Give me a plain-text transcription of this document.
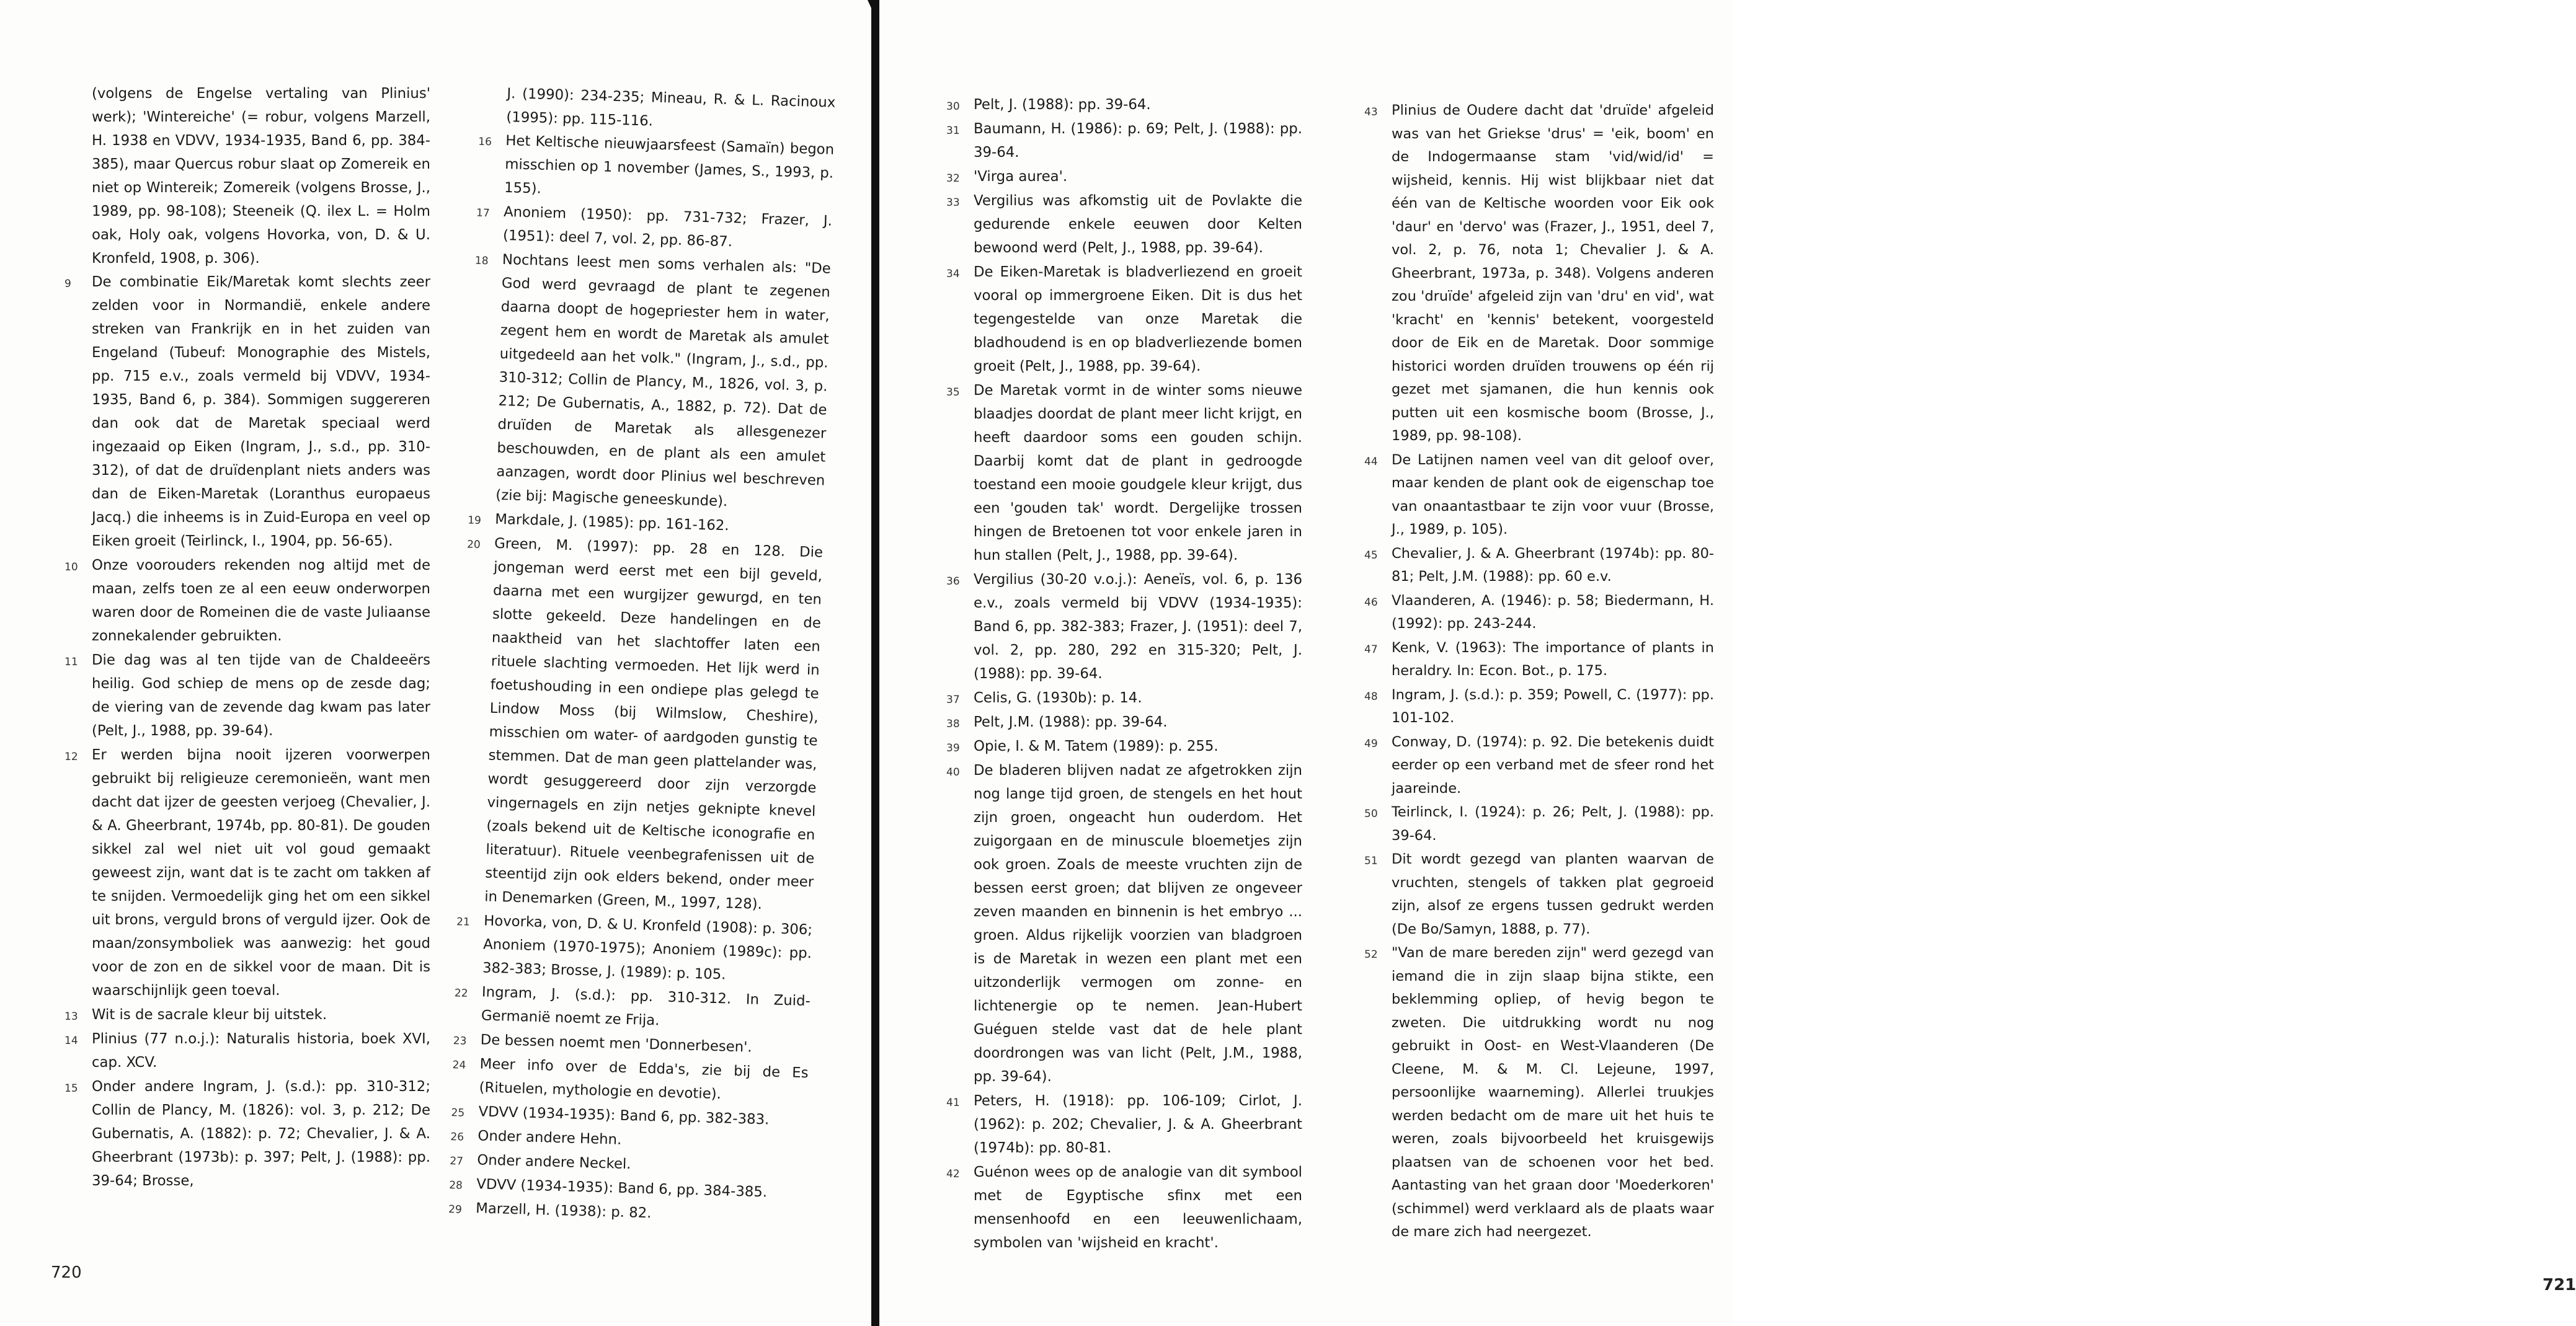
(volgens de Engelse vertaling van Plinius' werk); 'Wintereiche' (= robur, volgens Marzell, H. 1938 en VDVV, 1934-1935, Band 6, pp. 384-385), maar Quercus robur slaat op Zomereik en niet op Wintereik; Zomereik (volgens Brosse, J., 1989, pp. 98-108); Steeneik (Q. ilex L. = Holm oak, Holy oak, volgens Hovorka, von, D. & U. Kronfeld, 1908, p. 306).
9	De combinatie Eik/Maretak komt slechts zeer zelden voor in Normandië, enkele andere streken van Frankrijk en in het zuiden van Engeland (Tubeuf: Monographie des Mistels, pp. 715 e.v., zoals vermeld bij VDVV, 1934-1935, Band 6, p. 384). Sommigen suggereren dan ook dat de Maretak speciaal werd ingezaaid op Eiken (Ingram, J., s.d., pp. 310-312), of dat de druïdenplant niets anders was dan de Eiken-Maretak (Loranthus europaeus Jacq.) die inheems is in Zuid-Europa en veel op Eiken groeit (Teirlinck, I., 1904, pp. 56-65).
10 Onze voorouders rekenden nog altijd met de maan, zelfs toen ze al een eeuw onderworpen waren door de Romeinen die de vaste Juliaanse zonnekalender gebruikten.
11 Die dag was al ten tijde van de Chaldeeërs heilig. God schiep de mens op de zesde dag; de viering van de zevende dag kwam pas later (Pelt, J., 1988, pp. 39-64).
12 Er werden bijna nooit ijzeren voorwerpen gebruikt bij religieuze ceremonieën, want men dacht dat ijzer de geesten verjoeg (Chevalier, J. & A. Gheerbrant, 1974b, pp. 80-81). De gouden sikkel zal wel niet uit vol goud gemaakt geweest zijn, want dat is te zacht om takken af te snijden. Vermoedelijk ging het om een sikkel uit brons, verguld brons of verguld ijzer. Ook de maan/zonsymboliek was aanwezig: het goud voor de zon en de sikkel voor de maan. Dit is waarschijnlijk geen toeval.
13 Wit is de sacrale kleur bij uitstek.
14 Plinius (77 n.o.j.): Naturalis historia, boek XVI, cap. XCV.
15 Onder andere Ingram, J. (s.d.): pp. 310-312; Collin de Plancy, M. (1826): vol. 3, p. 212; De Gubernatis, A. (1882): p. 72; Chevalier, J. & A. Gheerbrant (1973b): p. 397; Pelt, J. (1988): pp. 39-64; Brosse,
J. (1990): 234-235; Mineau, R. & L. Racinoux (1995): pp. 115-116.
16 Het Keltische nieuwjaarsfeest (Samaïn) begon misschien op 1 november (James, S., 1993, p. 155).
17 Anoniem (1950): pp. 731-732; Frazer, J. (1951): deel 7, vol. 2, pp. 86-87.
18 Nochtans leest men soms verhalen als: "De God werd gevraagd de plant te zegenen daarna doopt de hogepriester hem in water, zegent hem en wordt de Maretak als amulet uitgedeeld aan het volk." (Ingram, J., s.d., pp. 310-312; Collin de Plancy, M., 1826, vol. 3, p. 212; De Gubernatis, A., 1882, p. 72). Dat de druïden de Maretak als allesgenezer beschouwden, en de plant als een amulet aanzagen, wordt door Plinius wel beschreven (zie bij: Magische geneeskunde).
19 Markdale, J. (1985): pp. 161-162.
20 Green, M. (1997): pp. 28 en 128. Die jongeman werd eerst met een bijl geveld, daarna met een wurgijzer gewurgd, en ten slotte gekeeld. Deze handelingen en de naaktheid van het slachtoffer laten een rituele slachting vermoeden. Het lijk werd in foetushouding in een ondiepe plas gelegd te Lindow Moss (bij Wilmslow, Cheshire), misschien om water- of aardgoden gunstig te stemmen. Dat de man geen plattelander was, wordt gesuggereerd door zijn verzorgde vingernagels en zijn netjes geknipte knevel (zoals bekend uit de Keltische iconografie en literatuur). Rituele veenbegrafenissen uit de steentijd zijn ook elders bekend, onder meer in Denemarken (Green, M., 1997, 128).
21 Hovorka, von, D. & U. Kronfeld (1908): p. 306; Anoniem (1970-1975); Anoniem (1989c): pp. 382-383; Brosse, J. (1989): p. 105.
22 Ingram, J. (s.d.): pp. 310-312. In Zuid-Germanië noemt ze Frija.
23 De bessen noemt men 'Donnerbesen'.
24 Meer info over de Edda's, zie bij de Es (Rituelen, mythologie en devotie).
25 VDVV (1934-1935): Band 6, pp. 382-383.
26 Onder andere Hehn.
27 Onder andere Neckel.
28 VDVV (1934-1935): Band 6, pp. 384-385.
29 Marzell, H. (1938): p. 82.
720
30 Pelt, J. (1988): pp. 39-64.
31 Baumann, H. (1986): p. 69; Pelt, J. (1988): pp. 39-64.
32 'Virga aurea'.
33 Vergilius was afkomstig uit de Povlakte die gedurende enkele eeuwen door Kelten bewoond werd (Pelt, J., 1988, pp. 39-64).
34 De Eiken-Maretak is bladverliezend en groeit vooral op immergroene Eiken. Dit is dus het tegengestelde van onze Maretak die bladhoudend is en op bladverliezende bomen groeit (Pelt, J., 1988, pp. 39-64).
35 De Maretak vormt in de winter soms nieuwe blaadjes doordat de plant meer licht krijgt, en heeft daardoor soms een gouden schijn. Daarbij komt dat de plant in gedroogde toestand een mooie goudgele kleur krijgt, dus een 'gouden tak' wordt. Dergelijke trossen hingen de Bretoenen tot voor enkele jaren in hun stallen (Pelt, J., 1988, pp. 39-64).
36 Vergilius (30-20 v.o.j.): Aeneïs, vol. 6, p. 136 e.v., zoals vermeld bij VDVV (1934-1935): Band 6, pp. 382-383; Frazer, J. (1951): deel 7, vol. 2, pp. 280, 292 en 315-320; Pelt, J. (1988): pp. 39-64.
37 Celis, G. (1930b): p. 14.
38 Pelt, J.M. (1988): pp. 39-64.
39 Opie, I. & M. Tatem (1989): p. 255.
40 De bladeren blijven nadat ze afgetrokken zijn nog lange tijd groen, de stengels en het hout zijn groen, ongeacht hun ouderdom. Het zuigorgaan en de minuscule bloemetjes zijn ook groen. Zoals de meeste vruchten zijn de bessen eerst groen; dat blijven ze ongeveer zeven maanden en binnenin is het embryo ... groen. Aldus rijkelijk voorzien van bladgroen is de Maretak in wezen een plant met een uitzonderlijk vermogen om zonne- en lichtenergie op te nemen. Jean-Hubert Guéguen stelde vast dat de hele plant doordrongen was van licht (Pelt, J.M., 1988, pp. 39-64).
41 Peters, H. (1918): pp. 106-109; Cirlot, J. (1962): p. 202; Chevalier, J. & A. Gheerbrant (1974b): pp. 80-81.
42 Guénon wees op de analogie van dit symbool met de Egyptische sfinx met een mensenhoofd en een leeuwenlichaam, symbolen van 'wijsheid en kracht'.
43 Plinius de Oudere dacht dat 'druïde' afgeleid was van het Griekse 'drus' = 'eik, boom' en de Indogermaanse stam 'vid/wid/id' = wijsheid, kennis. Hij wist blijkbaar niet dat één van de Keltische woorden voor Eik ook 'daur' en 'dervo' was (Frazer, J., 1951, deel 7, vol. 2, p. 76, nota 1; Chevalier J. & A. Gheerbrant, 1973a, p. 348). Volgens anderen zou 'druïde' afgeleid zijn van 'dru' en vid', wat 'kracht' en 'kennis' betekent, voorgesteld door de Eik en de Maretak. Door sommige historici worden druïden trouwens op één rij gezet met sjamanen, die hun kennis ook putten uit een kosmische boom (Brosse, J., 1989, pp. 98-108).
44 De Latijnen namen veel van dit geloof over, maar kenden de plant ook de eigenschap toe van onaantastbaar te zijn voor vuur (Brosse, J., 1989, p. 105).
45 Chevalier, J. & A. Gheerbrant (1974b): pp. 80-81; Pelt, J.M. (1988): pp. 60 e.v.
46 Vlaanderen, A. (1946): p. 58; Biedermann, H. (1992): pp. 243-244.
47 Kenk, V. (1963): The importance of plants in heraldry. In: Econ. Bot., p. 175.
48 Ingram, J. (s.d.): p. 359; Powell, C. (1977): pp. 101-102.
49 Conway, D. (1974): p. 92. Die betekenis duidt eerder op een verband met de sfeer rond het jaareinde.
50 Teirlinck, I. (1924): p. 26; Pelt, J. (1988): pp. 39-64.
51 Dit wordt gezegd van planten waarvan de vruchten, stengels of takken plat gegroeid zijn, alsof ze ergens tussen gedrukt werden (De Bo/Samyn, 1888, p. 77).
52 "Van de mare bereden zijn" werd gezegd van iemand die in zijn slaap bijna stikte, een beklemming opliep, of hevig begon te zweten. Die uitdrukking wordt nu nog gebruikt in Oost- en West-Vlaanderen (De Cleene, M. & M. Cl. Lejeune, 1997, persoonlijke waarneming). Allerlei truukjes werden bedacht om de mare uit het huis te weren, zoals bijvoorbeeld het kruisgewijs plaatsen van de schoenen voor het bed. Aantasting van het graan door 'Moederkoren' (schimmel) werd verklaard als de plaats waar de mare zich had neergezet.
721
